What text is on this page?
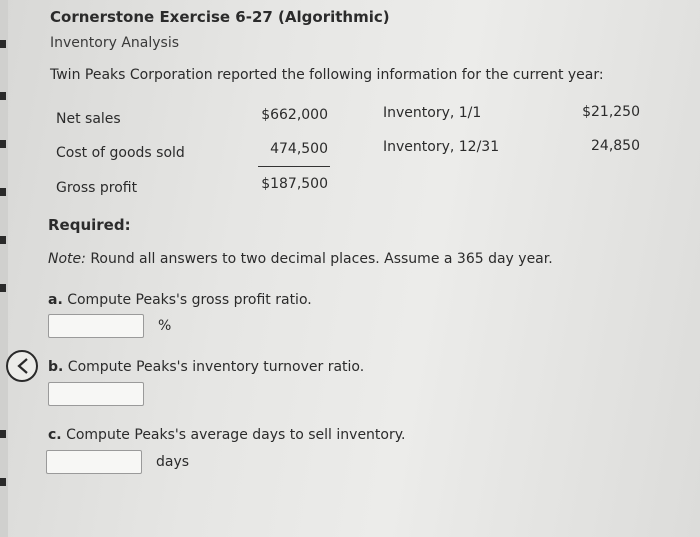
Cornerstone Exercise 6-27 (Algorithmic)
Inventory Analysis
Twin Peaks Corporation reported the following information for the current year:
Net sales	$662,000
Cost of goods sold	474,500
Gross profit	$187,500
Inventory, 1/1	$21,250
Inventory, 12/31	24,850
Required:
Note: Round all answers to two decimal places. Assume a 365 day year.
a. Compute Peaks's gross profit ratio.
%
b. Compute Peaks's inventory turnover ratio.
c. Compute Peaks's average days to sell inventory.
days
